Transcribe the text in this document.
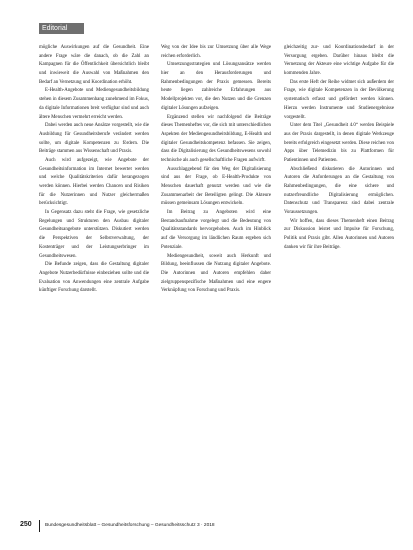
Editorial

mögliche Auswirkungen auf die Gesundheit. Eine andere Frage wäre die danach, ob die Zahl an Kampagnen für die Öffentlichkeit übersichtlich bleibt und inwieweit die Auswahl von Maßnahmen den Bedarf an Vernetzung und Koordination erhöht.

E-Health-Angebote und Mediengesundheitsbildung stehen in diesem Zusammenhang zunehmend im Fokus, da digitale Informationen breit verfügbar sind und auch ältere Menschen vermehrt erreicht werden.

Dabei werden auch neue Ansätze vorgestellt, wie die Ausbildung für Gesundheitsberufe verändert werden sollte, um digitale Kompetenzen zu fördern. Die Beiträge stammen aus Wissenschaft und Praxis.

Auch wird aufgezeigt, wie Angebote der Gesundheitsinformation im Internet bewertet werden und welche Qualitätskriterien dafür herangezogen werden können. Hierbei werden Chancen und Risiken für die Nutzerinnen und Nutzer gleichermaßen berücksichtigt.

In Gegensatz dazu steht die Frage, wie gesetzliche Regelungen und Strukturen den Ausbau digitaler Gesundheitsangebote unterstützen. Diskutiert werden die Perspektiven der Selbstverwaltung, der Kostenträger und der Leistungserbringer im Gesundheitswesen.

Die Befunde zeigen, dass die Gestaltung digitaler Angebote Nutzerbedürfnisse einbeziehen sollte und die Evaluation von Anwendungen eine zentrale Aufgabe künftiger Forschung darstellt.

Weg von der Idee bis zur Umsetzung über alle Wege reichen erforderlich.

Umsetzungsstrategien und Lösungsansätze werden hier an den Herausforderungen und Rahmenbedingungen der Praxis gemessen. Bereits heute liegen zahlreiche Erfahrungen aus Modellprojekten vor, die den Nutzen und die Grenzen digitaler Lösungen aufzeigen.

Ergänzend stellen wir nachfolgend die Beiträge dieses Themenheftes vor, die sich mit unterschiedlichen Aspekten der Mediengesundheitsbildung, E-Health und digitaler Gesundheitskompetenz befassen. Sie zeigen, dass die Digitalisierung des Gesundheitswesens sowohl technische als auch gesellschaftliche Fragen aufwirft.

Ausschlaggebend für den Weg der Digitalisierung sind aus der Frage, ob E-Health-Produkte von Menschen dauerhaft genutzt werden und wie die Zusammenarbeit der Beteiligten gelingt. Die Akteure müssen gemeinsam Lösungen entwickeln.

Im Beitrag zu Angeboten wird eine Bestandsaufnahme vorgelegt und die Bedeutung von Qualitätsstandards hervorgehoben. Auch im Hinblick auf die Versorgung im ländlichen Raum ergeben sich Potenziale.

Mediengesundheit, soweit auch Herkunft und Bildung, beeinflussen die Nutzung digitaler Angebote. Die Autorinnen und Autoren empfehlen daher zielgruppenspezifische Maßnahmen und eine engere Verknüpfung von Forschung und Praxis.

gleichzeitig zur- und Koordinationsbedarf in der Versorgung ergeben. Darüber hinaus bleibt die Vernetzung der Akteure eine wichtige Aufgabe für die kommenden Jahre.

Das erste Heft der Reihe widmet sich außerdem der Frage, wie digitale Kompetenzen in der Bevölkerung systematisch erfasst und gefördert werden können. Hierzu werden Instrumente und Studienergebnisse vorgestellt.

Unter dem Titel „Gesundheit 4.0“ werden Beispiele aus der Praxis dargestellt, in denen digitale Werkzeuge bereits erfolgreich eingesetzt werden. Diese reichen von Apps über Telemedizin bis zu Plattformen für Patientinnen und Patienten.

Abschließend diskutieren die Autorinnen und Autoren die Anforderungen an die Gestaltung von Rahmenbedingungen, die eine sichere und nutzerfreundliche Digitalisierung ermöglichen. Datenschutz und Transparenz sind dabei zentrale Voraussetzungen.

Wir hoffen, dass dieses Themenheft einen Beitrag zur Diskussion leistet und Impulse für Forschung, Politik und Praxis gibt. Allen Autorinnen und Autoren danken wir für ihre Beiträge.

250	Bundesgesundheitsblatt – Gesundheitsforschung – Gesundheitsschutz 3 · 2018
